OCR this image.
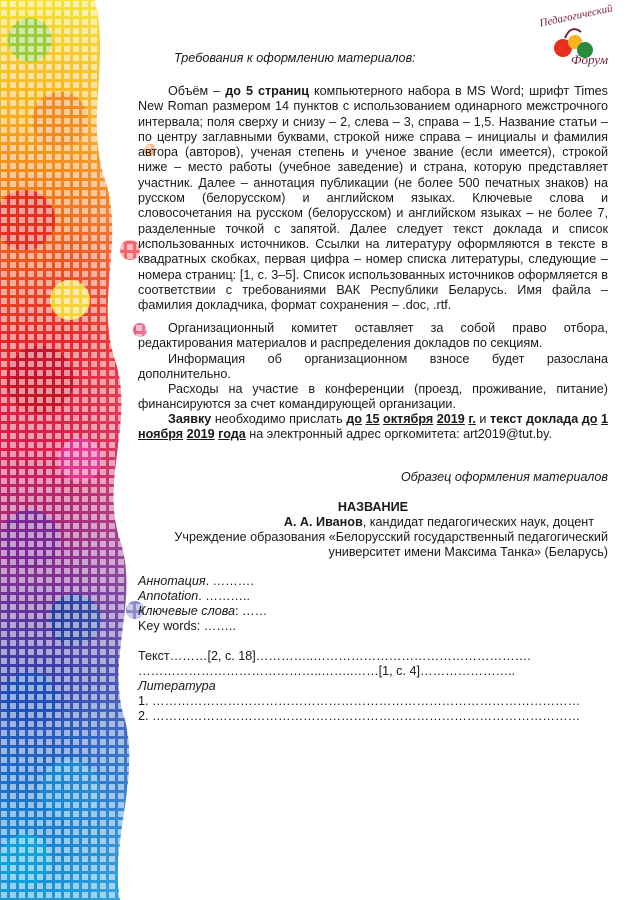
Педагогический
Форум
Требования к оформлению материалов:
Объём – до 5 страниц компьютерного набора в MS Word; шрифт Times New Roman размером 14 пунктов с использованием одинарного межстрочного интервала; поля сверху и снизу – 2, слева – 3, справа – 1,5. Название статьи – по центру заглавными буквами, строкой ниже справа – инициалы и фамилия автора (авторов), ученая степень и ученое звание (если имеется), строкой ниже – место работы (учебное заведение) и страна, которую представляет участник. Далее – аннотация публикации (не более 500 печатных знаков) на русском (белорусском) и английском языках. Ключевые слова и словосочетания на русском (белорусском) и английском языках – не более 7, разделенные точкой с запятой. Далее следует текст доклада и список использованных источников. Ссылки на литературу оформляются в тексте в квадратных скобках, первая цифра – номер списка литературы, следующие – номера страниц: [1, с. 3–5]. Список использованных источников оформляется в соответствии с требованиями ВАК Республики Беларусь. Имя файла – фамилия докладчика, формат сохранения – .doc, .rtf.
Организационный комитет оставляет за собой право отбора, редактирования материалов и распределения докладов по секциям.
Информация об организационном взносе будет разослана дополнительно.
Расходы на участие в конференции (проезд, проживание, питание) финансируются за счет командирующей организации.
Заявку необходимо прислать до 15 октября 2019 г. и текст доклада до 1 ноября 2019 года на электронный адрес оргкомитета: art2019@tut.by.
Образец оформления материалов
НАЗВАНИЕ
А. А. Иванов, кандидат педагогических наук, доцент
Учреждение образования «Белорусский государственный педагогический
университет имени Максима Танка» (Беларусь)
Аннотация. ……….
Annotation. ………..
Ключевые слова: ……
Key words: ……..
Текст………[2, с. 18]…………..…………………………………………….
……………………………………..……..……[1, с. 4]…………………..
Литература
1. …………………………………………………………………………………………
2. …………………………………………………………………………………………
